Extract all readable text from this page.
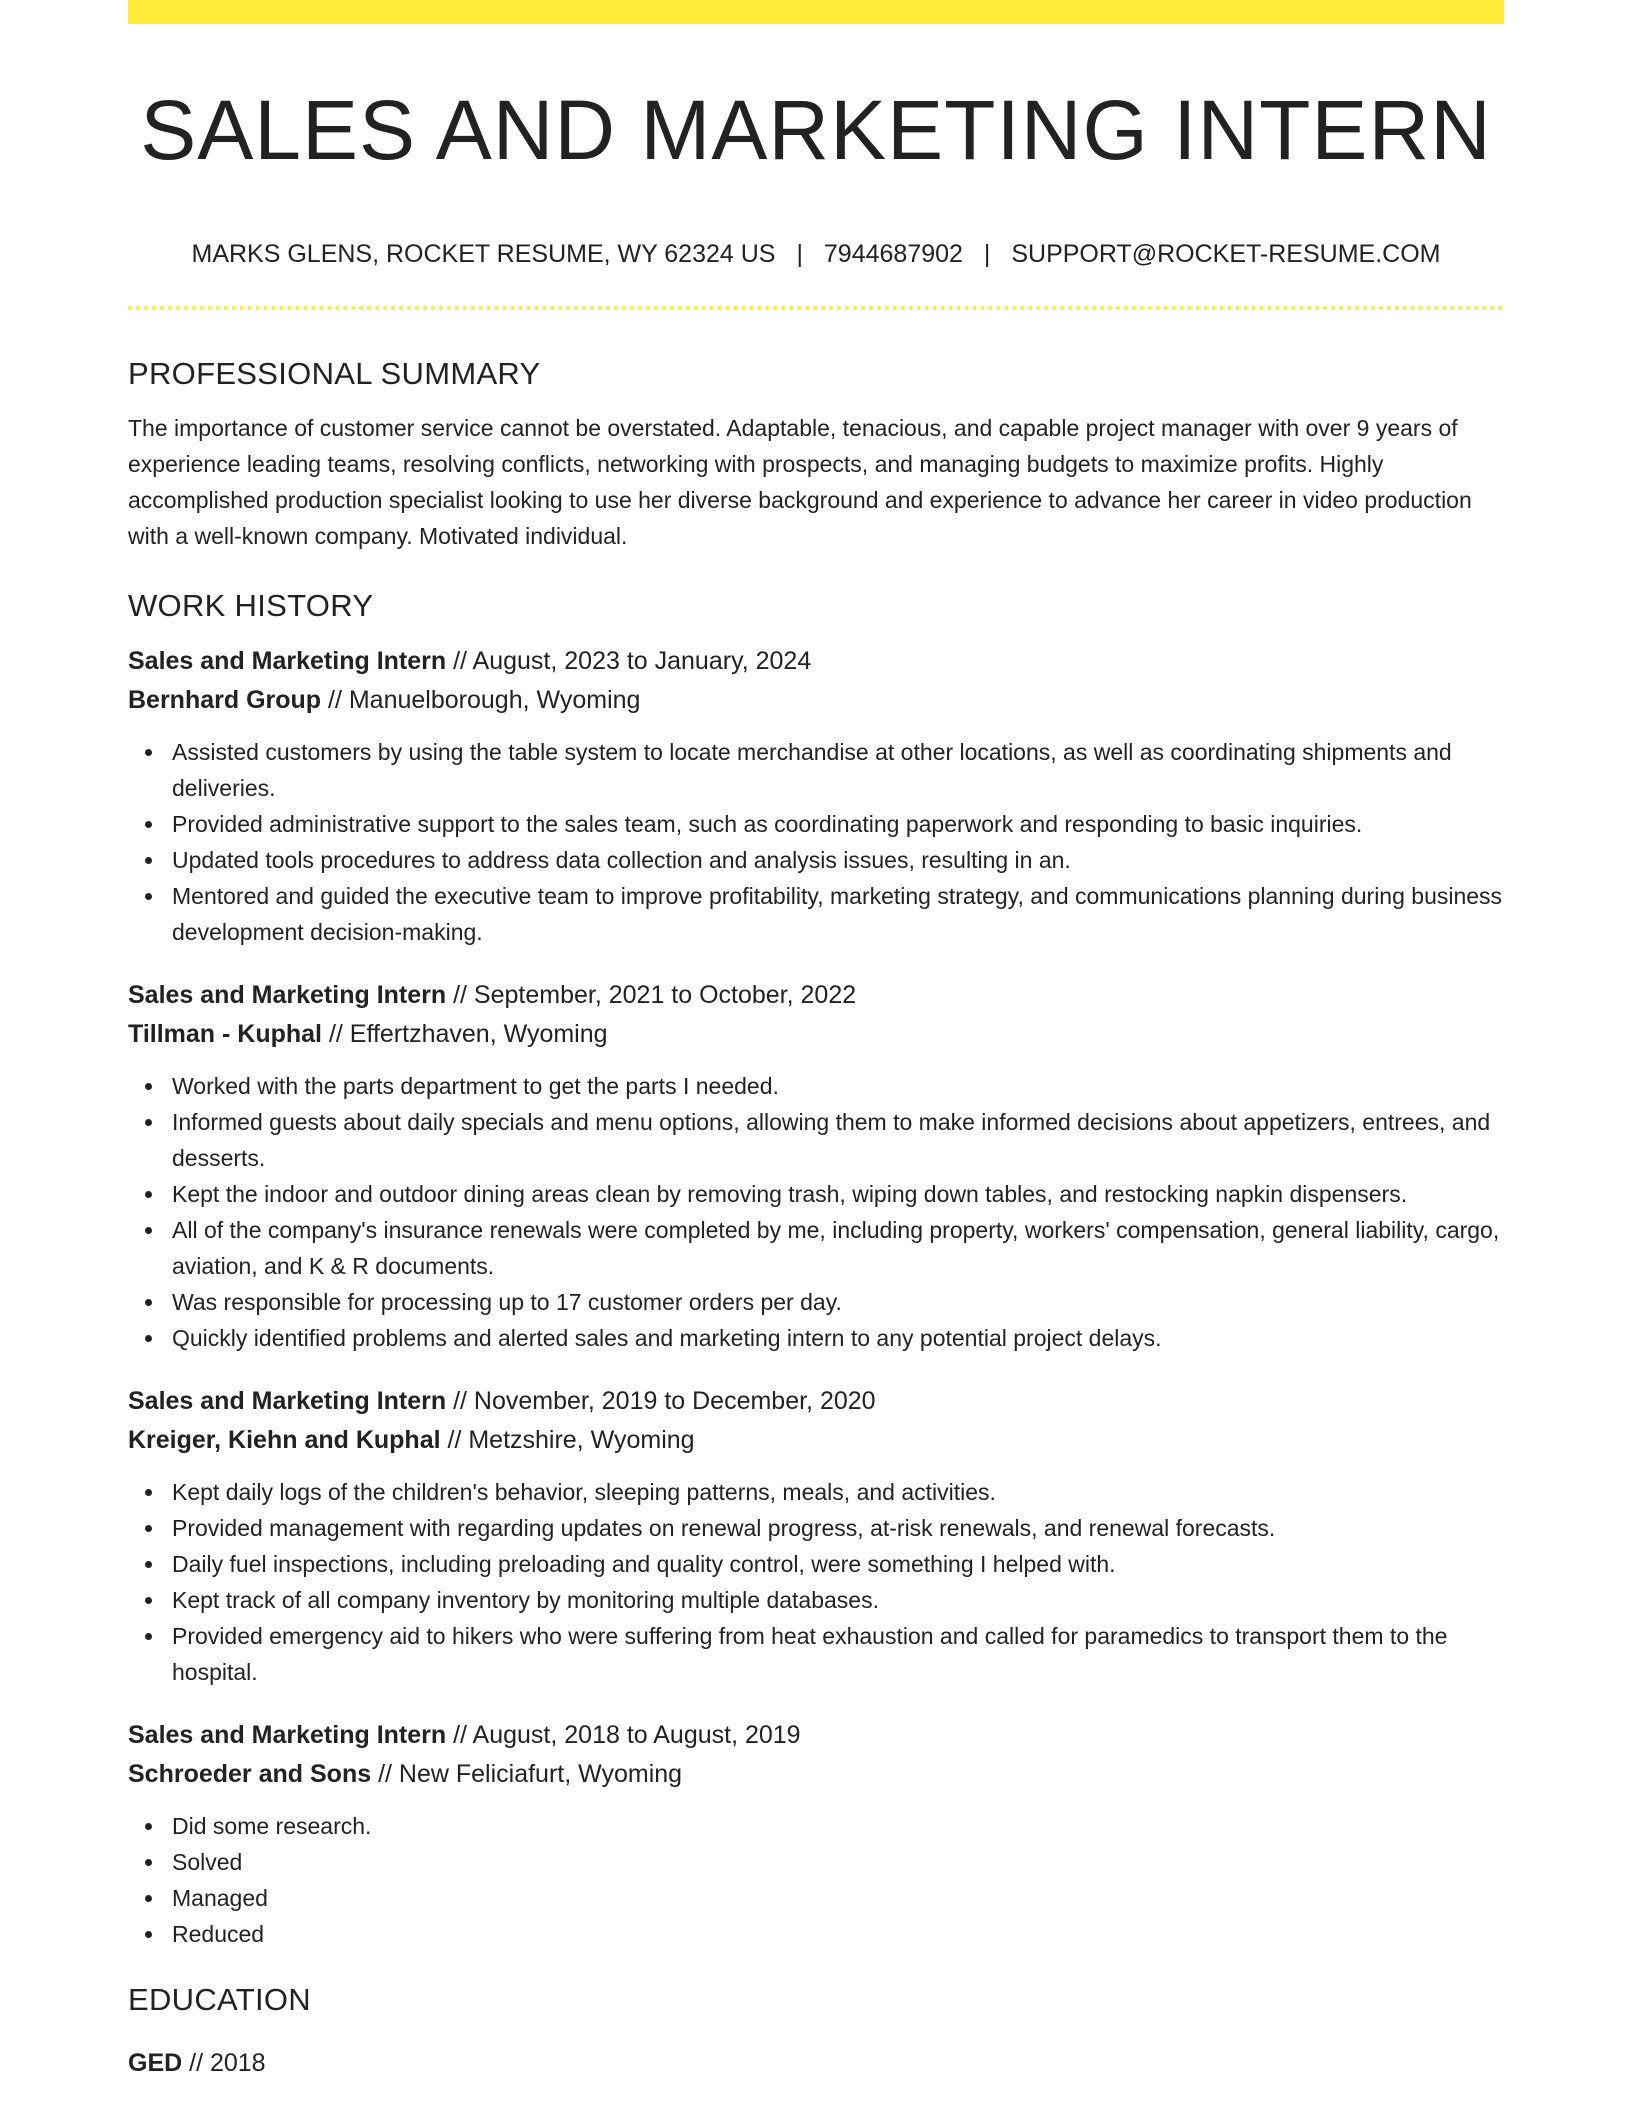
SALES AND MARKETING INTERN
MARKS GLENS, ROCKET RESUME, WY 62324 US | 7944687902 | SUPPORT@ROCKET-RESUME.COM
PROFESSIONAL SUMMARY

The importance of customer service cannot be overstated. Adaptable, tenacious, and capable project manager with over 9 years of experience leading teams, resolving conflicts, networking with prospects, and managing budgets to maximize profits. Highly accomplished production specialist looking to use her diverse background and experience to advance her career in video production with a well-known company. Motivated individual.

WORK HISTORY
Sales and Marketing Intern // August, 2023 to January, 2024
Bernhard Group // Manuelborough, Wyoming
Assisted customers by using the table system to locate merchandise at other locations, as well as coordinating shipments and deliveries.
Provided administrative support to the sales team, such as coordinating paperwork and responding to basic inquiries.
Updated tools procedures to address data collection and analysis issues, resulting in an.
Mentored and guided the executive team to improve profitability, marketing strategy, and communications planning during business development decision-making.
Sales and Marketing Intern // September, 2021 to October, 2022
Tillman - Kuphal // Effertzhaven, Wyoming
Worked with the parts department to get the parts I needed.
Informed guests about daily specials and menu options, allowing them to make informed decisions about appetizers, entrees, and desserts.
Kept the indoor and outdoor dining areas clean by removing trash, wiping down tables, and restocking napkin dispensers.
All of the company's insurance renewals were completed by me, including property, workers' compensation, general liability, cargo, aviation, and K & R documents.
Was responsible for processing up to 17 customer orders per day.
Quickly identified problems and alerted sales and marketing intern to any potential project delays.
Sales and Marketing Intern // November, 2019 to December, 2020
Kreiger, Kiehn and Kuphal // Metzshire, Wyoming
Kept daily logs of the children's behavior, sleeping patterns, meals, and activities.
Provided management with regarding updates on renewal progress, at-risk renewals, and renewal forecasts.
Daily fuel inspections, including preloading and quality control, were something I helped with.
Kept track of all company inventory by monitoring multiple databases.
Provided emergency aid to hikers who were suffering from heat exhaustion and called for paramedics to transport them to the hospital.
Sales and Marketing Intern // August, 2018 to August, 2019
Schroeder and Sons // New Feliciafurt, Wyoming
Did some research.
Solved
Managed
Reduced
EDUCATION
GED // 2018
